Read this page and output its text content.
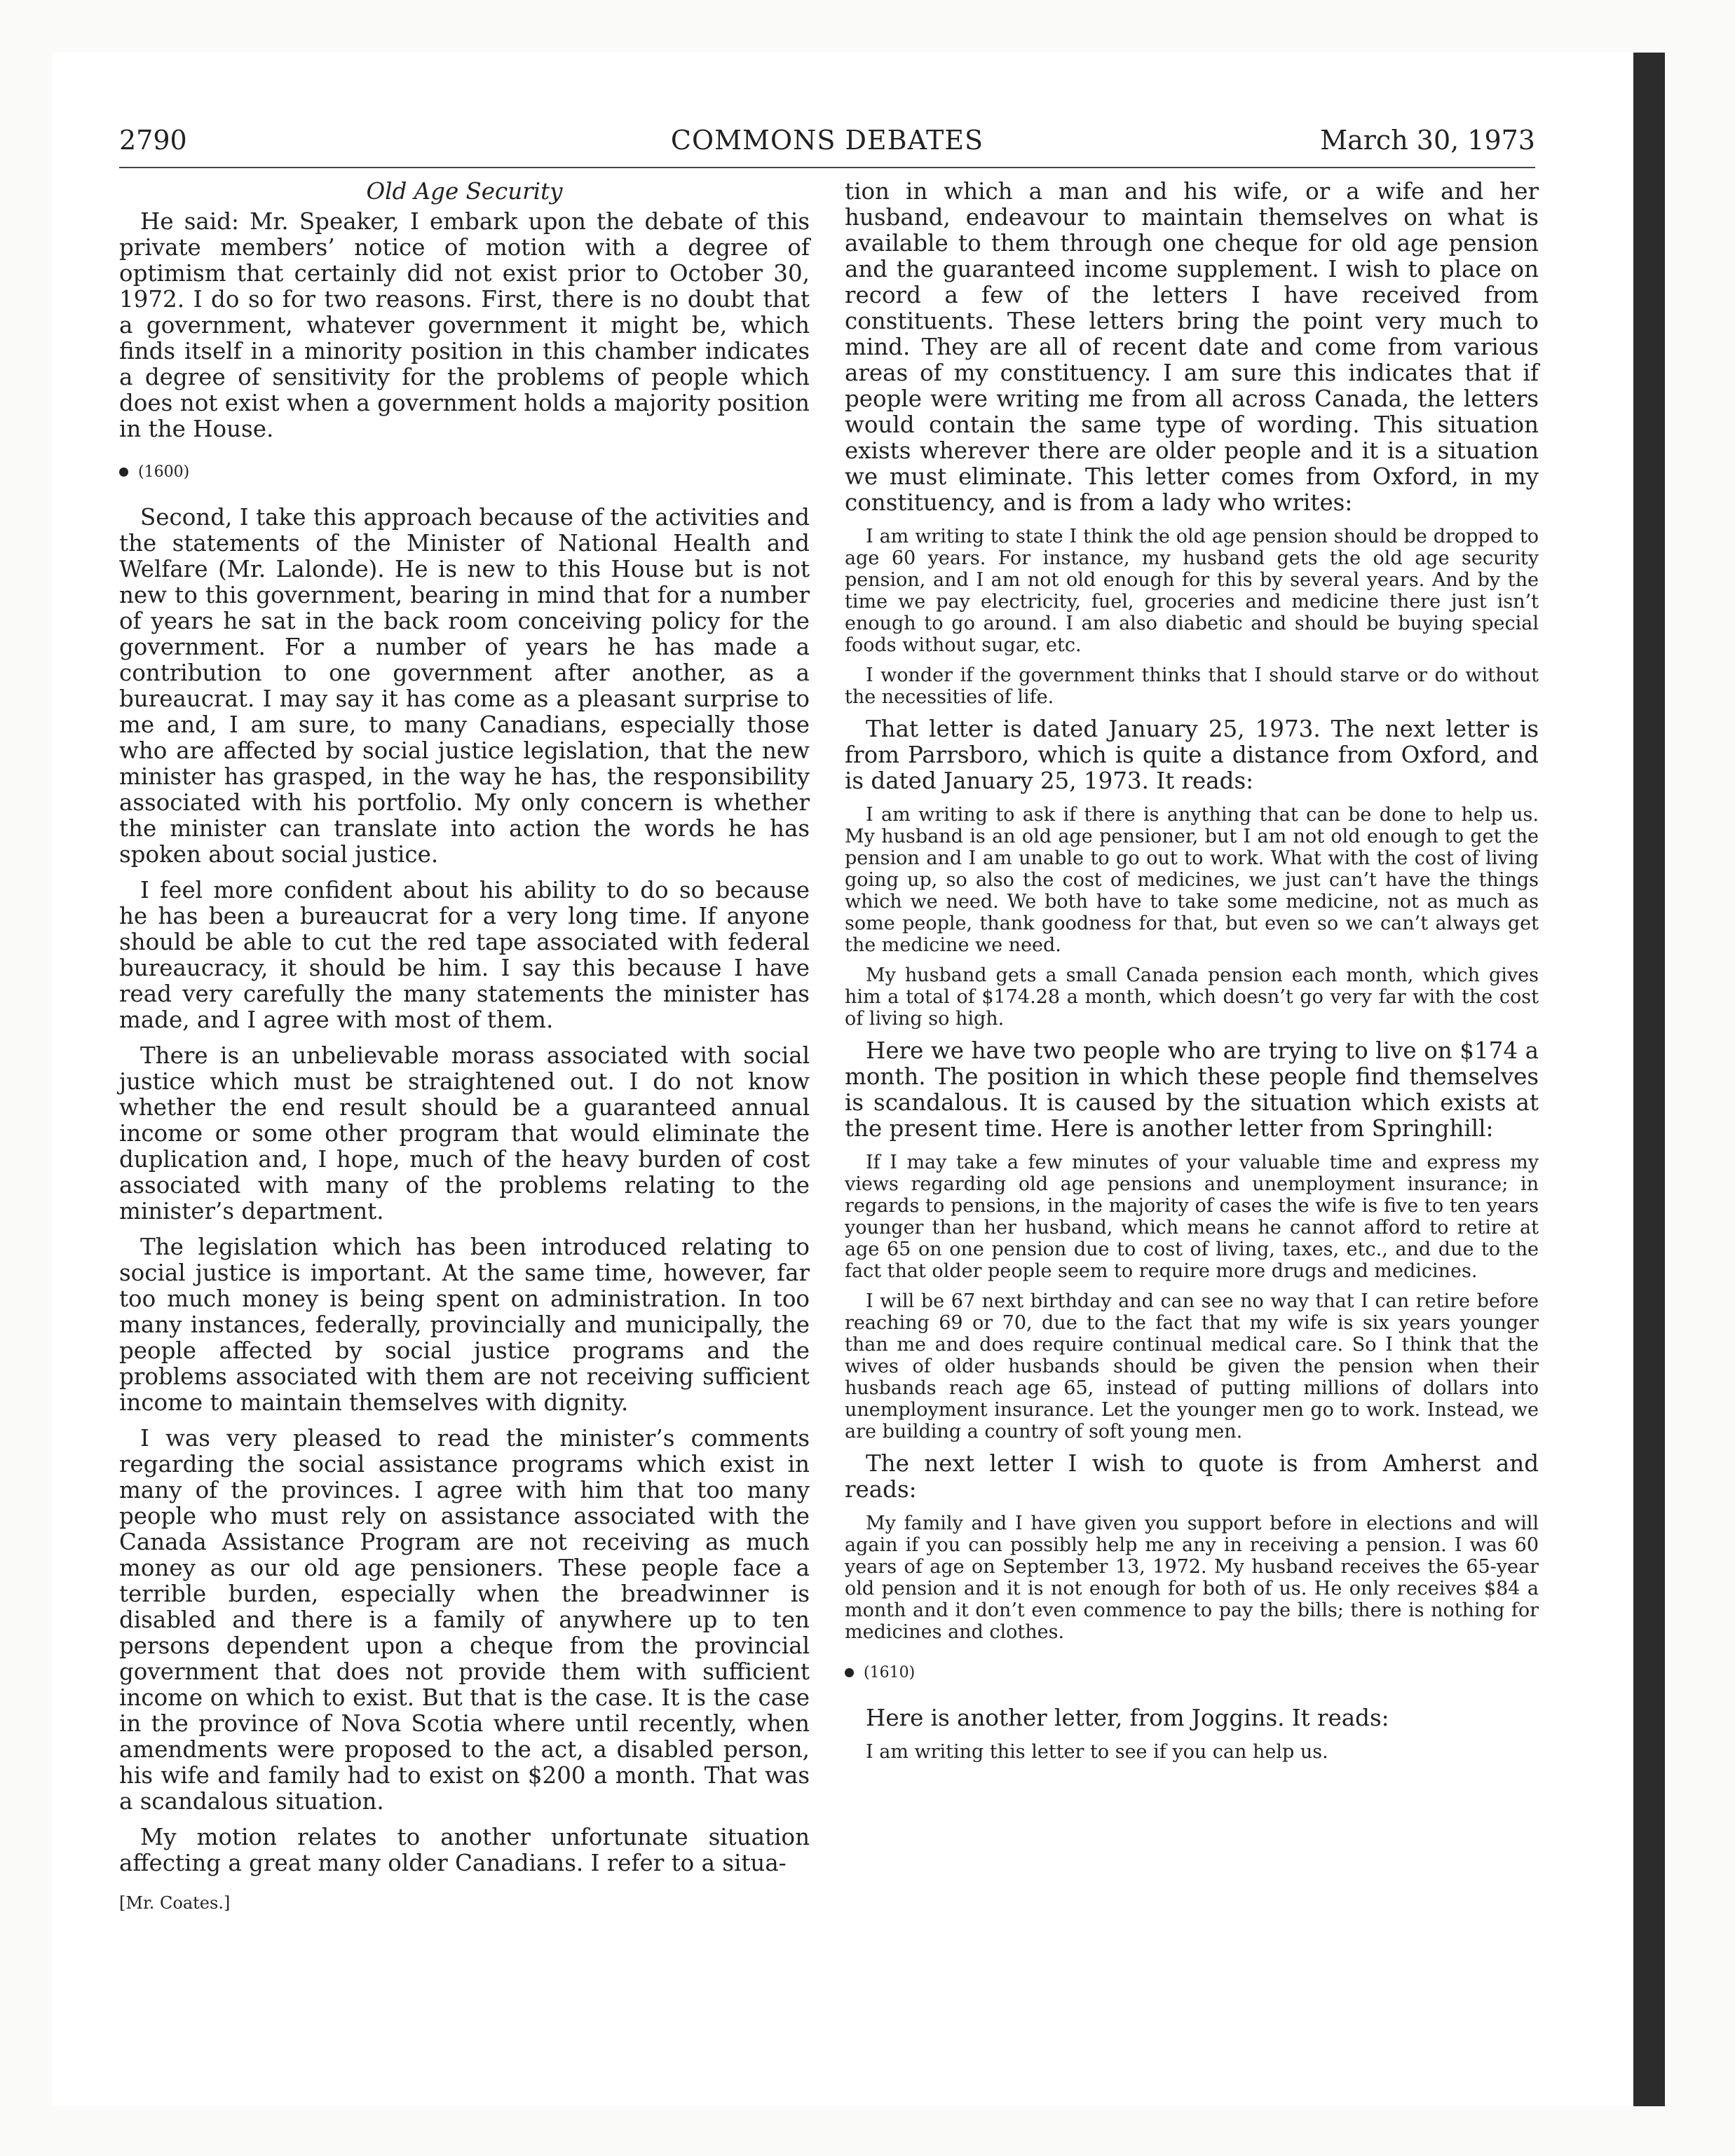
2790	COMMONS DEBATES	March 30, 1973
Old Age Security

He said: Mr. Speaker, I embark upon the debate of this private members’ notice of motion with a degree of optimism that certainly did not exist prior to October 30, 1972. I do so for two reasons. First, there is no doubt that a government, whatever government it might be, which finds itself in a minority position in this chamber indicates a degree of sensitivity for the problems of people which does not exist when a government holds a majority position in the House.

(1600)

Second, I take this approach because of the activities and the statements of the Minister of National Health and Welfare (Mr. Lalonde). He is new to this House but is not new to this government, bearing in mind that for a number of years he sat in the back room conceiving policy for the government. For a number of years he has made a contribution to one government after another, as a bureaucrat. I may say it has come as a pleasant surprise to me and, I am sure, to many Canadians, especially those who are affected by social justice legislation, that the new minister has grasped, in the way he has, the responsibility associated with his portfolio. My only concern is whether the minister can translate into action the words he has spoken about social justice.

I feel more confident about his ability to do so because he has been a bureaucrat for a very long time. If anyone should be able to cut the red tape associated with federal bureaucracy, it should be him. I say this because I have read very carefully the many statements the minister has made, and I agree with most of them.

There is an unbelievable morass associated with social justice which must be straightened out. I do not know whether the end result should be a guaranteed annual income or some other program that would eliminate the duplication and, I hope, much of the heavy burden of cost associated with many of the problems relating to the minister’s department.

The legislation which has been introduced relating to social justice is important. At the same time, however, far too much money is being spent on administration. In too many instances, federally, provincially and municipally, the people affected by social justice programs and the problems associated with them are not receiving sufficient income to maintain themselves with dignity.

I was very pleased to read the minister’s comments regarding the social assistance programs which exist in many of the provinces. I agree with him that too many people who must rely on assistance associated with the Canada Assistance Program are not receiving as much money as our old age pensioners. These people face a terrible burden, especially when the breadwinner is disabled and there is a family of anywhere up to ten persons dependent upon a cheque from the provincial government that does not provide them with sufficient income on which to exist. But that is the case. It is the case in the province of Nova Scotia where until recently, when amendments were proposed to the act, a disabled person, his wife and family had to exist on $200 a month. That was a scandalous situation.

My motion relates to another unfortunate situation affecting a great many older Canadians. I refer to a situa-

[Mr. Coates.]

tion in which a man and his wife, or a wife and her husband, endeavour to maintain themselves on what is available to them through one cheque for old age pension and the guaranteed income supplement. I wish to place on record a few of the letters I have received from constituents. These letters bring the point very much to mind. They are all of recent date and come from various areas of my constituency. I am sure this indicates that if people were writing me from all across Canada, the letters would contain the same type of wording. This situation exists wherever there are older people and it is a situation we must eliminate. This letter comes from Oxford, in my constituency, and is from a lady who writes:

I am writing to state I think the old age pension should be dropped to age 60 years. For instance, my husband gets the old age security pension, and I am not old enough for this by several years. And by the time we pay electricity, fuel, groceries and medicine there just isn’t enough to go around. I am also diabetic and should be buying special foods without sugar, etc.

I wonder if the government thinks that I should starve or do without the necessities of life.

That letter is dated January 25, 1973. The next letter is from Parrsboro, which is quite a distance from Oxford, and is dated January 25, 1973. It reads:

I am writing to ask if there is anything that can be done to help us. My husband is an old age pensioner, but I am not old enough to get the pension and I am unable to go out to work. What with the cost of living going up, so also the cost of medicines, we just can’t have the things which we need. We both have to take some medicine, not as much as some people, thank goodness for that, but even so we can’t always get the medicine we need.

My husband gets a small Canada pension each month, which gives him a total of $174.28 a month, which doesn’t go very far with the cost of living so high.

Here we have two people who are trying to live on $174 a month. The position in which these people find themselves is scandalous. It is caused by the situation which exists at the present time. Here is another letter from Springhill:

If I may take a few minutes of your valuable time and express my views regarding old age pensions and unemployment insurance; in regards to pensions, in the majority of cases the wife is five to ten years younger than her husband, which means he cannot afford to retire at age 65 on one pension due to cost of living, taxes, etc., and due to the fact that older people seem to require more drugs and medicines.

I will be 67 next birthday and can see no way that I can retire before reaching 69 or 70, due to the fact that my wife is six years younger than me and does require continual medical care. So I think that the wives of older husbands should be given the pension when their husbands reach age 65, instead of putting millions of dollars into unemployment insurance. Let the younger men go to work. Instead, we are building a country of soft young men.

The next letter I wish to quote is from Amherst and reads:

My family and I have given you support before in elections and will again if you can possibly help me any in receiving a pension. I was 60 years of age on September 13, 1972. My husband receives the 65-year old pension and it is not enough for both of us. He only receives $84 a month and it don’t even commence to pay the bills; there is nothing for medicines and clothes.

(1610)

Here is another letter, from Joggins. It reads:

I am writing this letter to see if you can help us.
